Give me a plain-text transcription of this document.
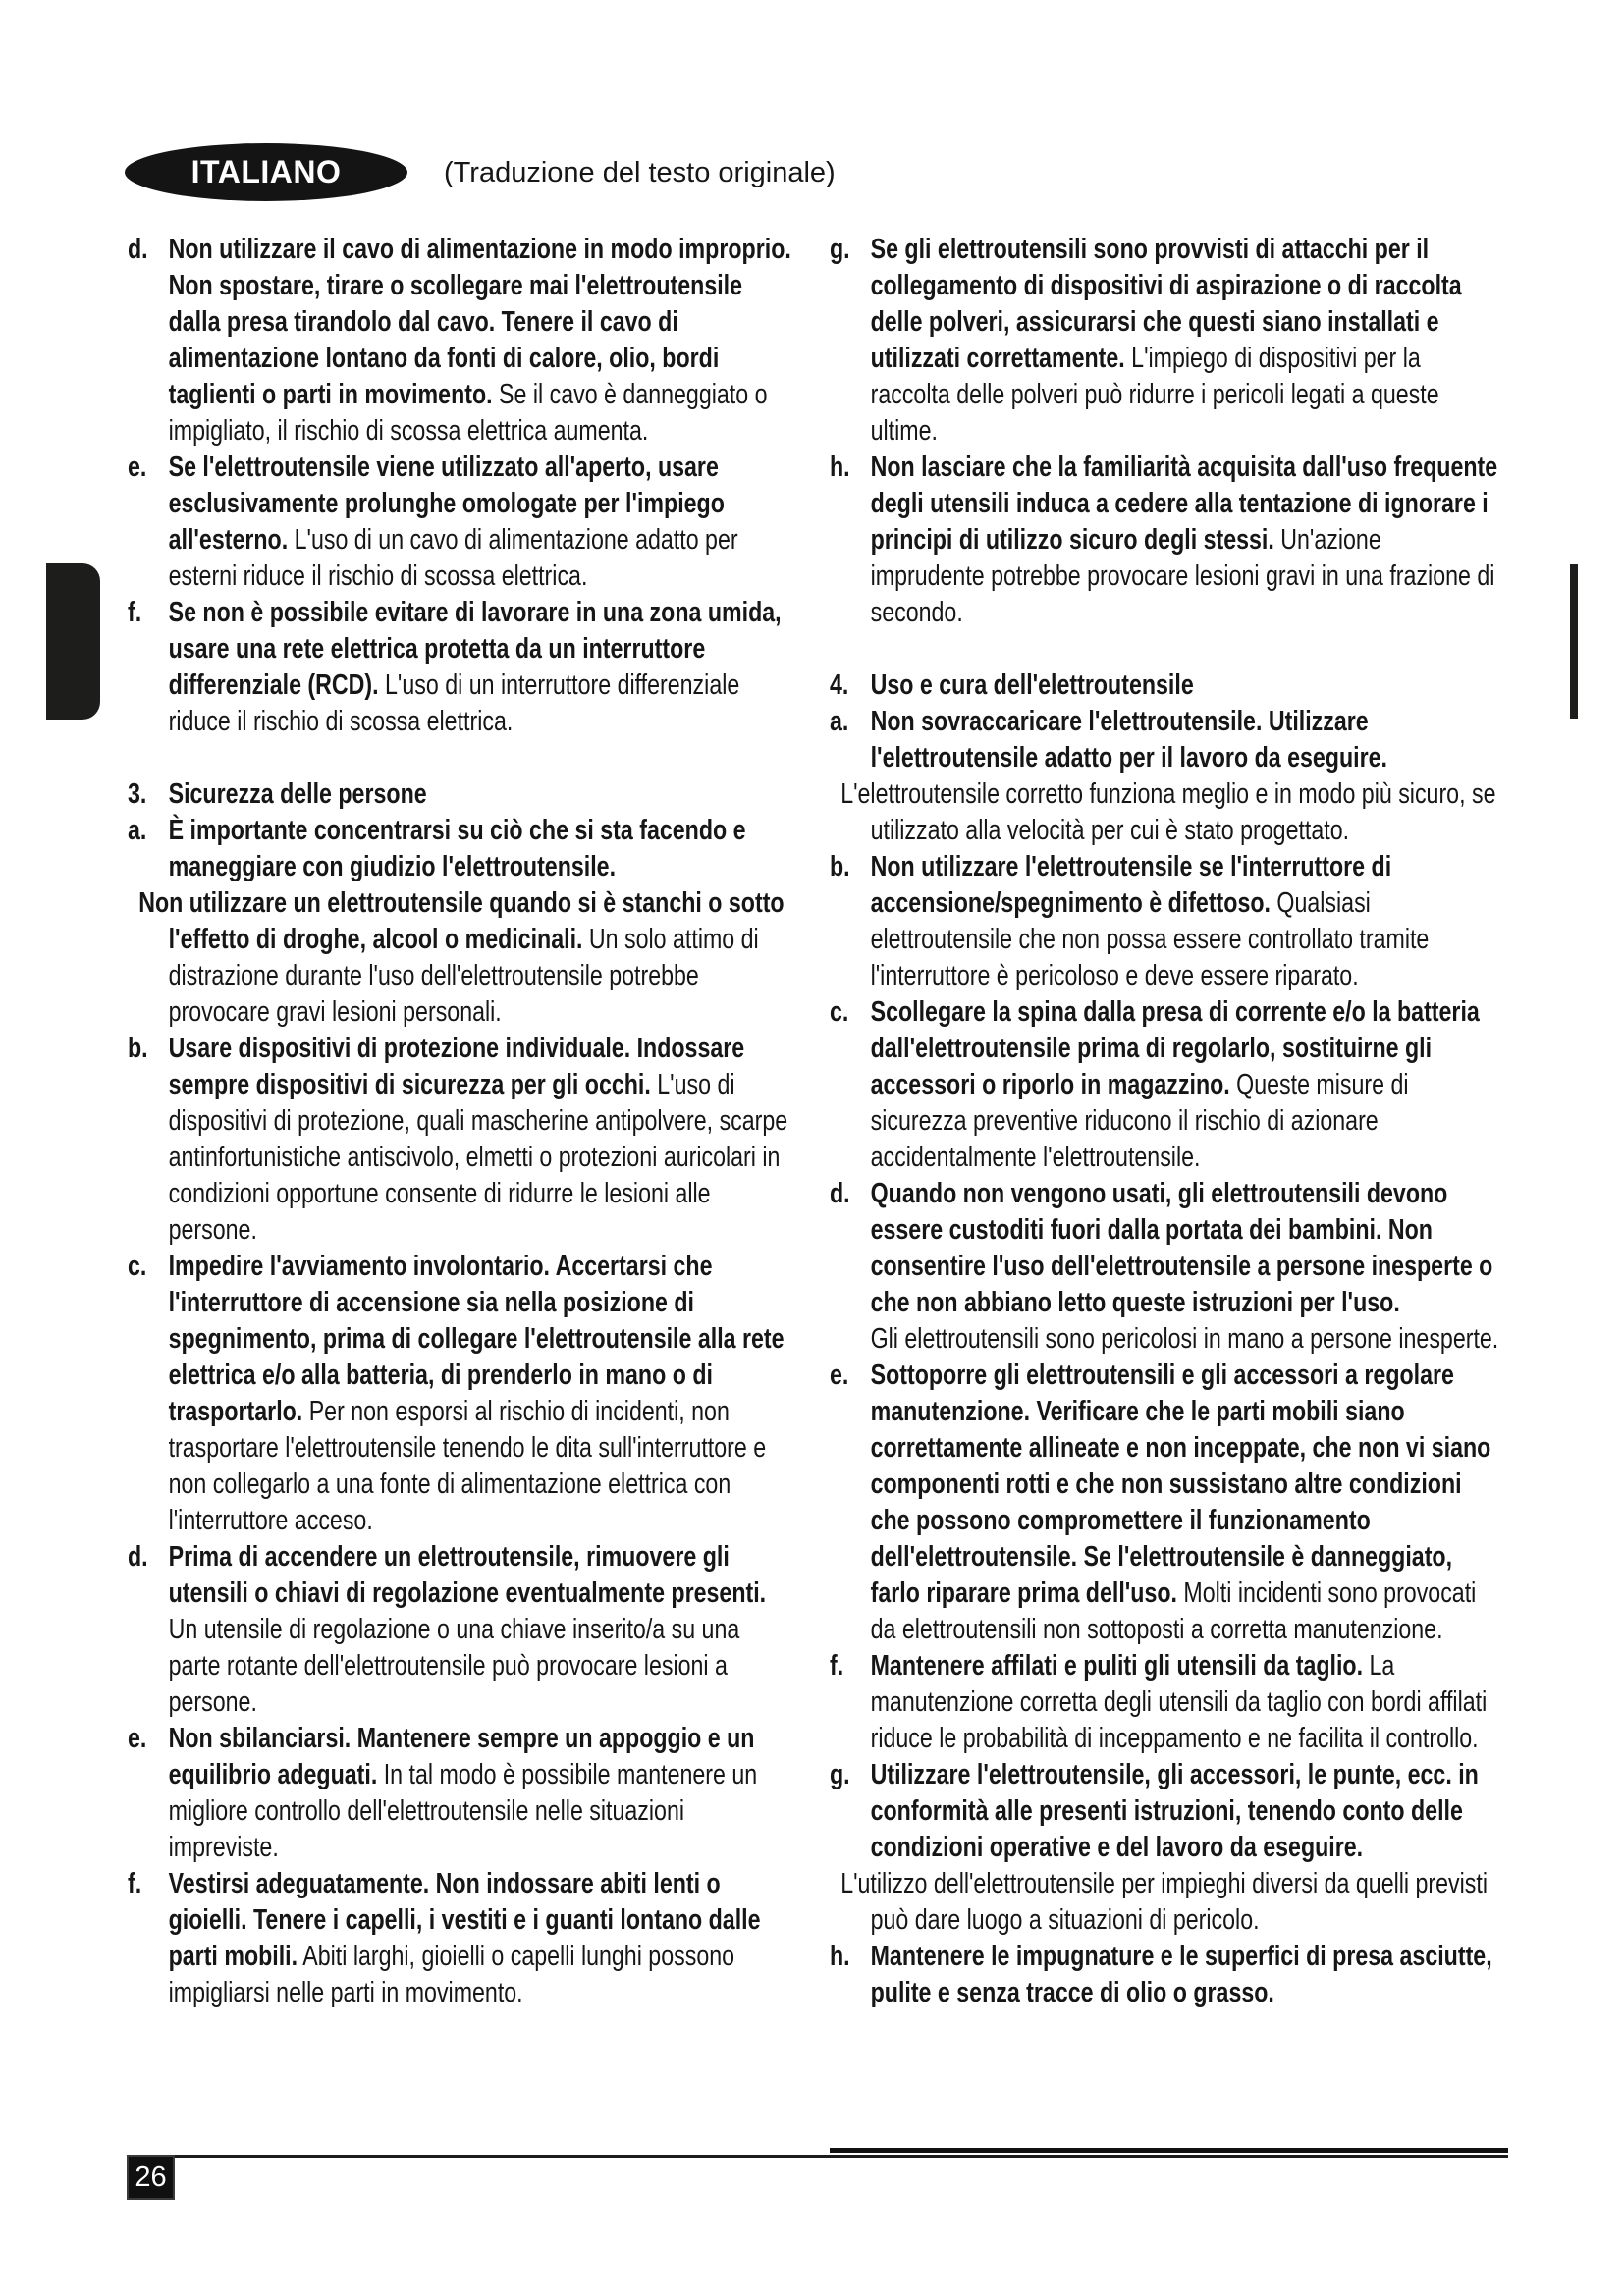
ITALIANO	(Traduzione del testo originale)
d. Non utilizzare il cavo di alimentazione in modo improprio. Non spostare, tirare o scollegare mai l'elettroutensile dalla presa tirandolo dal cavo. Tenere il cavo di alimentazione lontano da fonti di calore, olio, bordi taglienti o parti in movimento. Se il cavo è danneggiato o impigliato, il rischio di scossa elettrica aumenta.
e. Se l'elettroutensile viene utilizzato all'aperto, usare esclusivamente prolunghe omologate per l'impiego all'esterno. L'uso di un cavo di alimentazione adatto per esterni riduce il rischio di scossa elettrica.
f. Se non è possibile evitare di lavorare in una zona umida, usare una rete elettrica protetta da un interruttore differenziale (RCD). L'uso di un interruttore differenziale riduce il rischio di scossa elettrica.
3. Sicurezza delle persone
a. È importante concentrarsi su ciò che si sta facendo e maneggiare con giudizio l'elettroutensile.
Non utilizzare un elettroutensile quando si è stanchi o sotto l'effetto di droghe, alcool o medicinali. Un solo attimo di distrazione durante l'uso dell'elettroutensile potrebbe provocare gravi lesioni personali.
b. Usare dispositivi di protezione individuale. Indossare sempre dispositivi di sicurezza per gli occhi. L'uso di dispositivi di protezione, quali mascherine antipolvere, scarpe antinfortunistiche antiscivolo, elmetti o protezioni auricolari in condizioni opportune consente di ridurre le lesioni alle persone.
c. Impedire l'avviamento involontario. Accertarsi che l'interruttore di accensione sia nella posizione di spegnimento, prima di collegare l'elettroutensile alla rete elettrica e/o alla batteria, di prenderlo in mano o di trasportarlo. Per non esporsi al rischio di incidenti, non trasportare l'elettroutensile tenendo le dita sull'interruttore e non collegarlo a una fonte di alimentazione elettrica con l'interruttore acceso.
d. Prima di accendere un elettroutensile, rimuovere gli utensili o chiavi di regolazione eventualmente presenti. Un utensile di regolazione o una chiave inserito/a su una parte rotante dell'elettroutensile può provocare lesioni a persone.
e. Non sbilanciarsi. Mantenere sempre un appoggio e un equilibrio adeguati. In tal modo è possibile mantenere un migliore controllo dell'elettroutensile nelle situazioni impreviste.
f. Vestirsi adeguatamente. Non indossare abiti lenti o gioielli. Tenere i capelli, i vestiti e i guanti lontano dalle parti mobili. Abiti larghi, gioielli o capelli lunghi possono impigliarsi nelle parti in movimento.
g. Se gli elettroutensili sono provvisti di attacchi per il collegamento di dispositivi di aspirazione o di raccolta delle polveri, assicurarsi che questi siano installati e utilizzati correttamente. L'impiego di dispositivi per la raccolta delle polveri può ridurre i pericoli legati a queste ultime.
h. Non lasciare che la familiarità acquisita dall'uso frequente degli utensili induca a cedere alla tentazione di ignorare i principi di utilizzo sicuro degli stessi. Un'azione imprudente potrebbe provocare lesioni gravi in una frazione di secondo.
4. Uso e cura dell'elettroutensile
a. Non sovraccaricare l'elettroutensile. Utilizzare l'elettroutensile adatto per il lavoro da eseguire.
L'elettroutensile corretto funziona meglio e in modo più sicuro, se utilizzato alla velocità per cui è stato progettato.
b. Non utilizzare l'elettroutensile se l'interruttore di accensione/spegnimento è difettoso. Qualsiasi elettroutensile che non possa essere controllato tramite l'interruttore è pericoloso e deve essere riparato.
c. Scollegare la spina dalla presa di corrente e/o la batteria dall'elettroutensile prima di regolarlo, sostituirne gli accessori o riporlo in magazzino. Queste misure di sicurezza preventive riducono il rischio di azionare accidentalmente l'elettroutensile.
d. Quando non vengono usati, gli elettroutensili devono essere custoditi fuori dalla portata dei bambini. Non consentire l'uso dell'elettroutensile a persone inesperte o che non abbiano letto queste istruzioni per l'uso.
Gli elettroutensili sono pericolosi in mano a persone inesperte.
e. Sottoporre gli elettroutensili e gli accessori a regolare manutenzione. Verificare che le parti mobili siano correttamente allineate e non inceppate, che non vi siano componenti rotti e che non sussistano altre condizioni che possono compromettere il funzionamento dell'elettroutensile. Se l'elettroutensile è danneggiato, farlo riparare prima dell'uso. Molti incidenti sono provocati da elettroutensili non sottoposti a corretta manutenzione.
f. Mantenere affilati e puliti gli utensili da taglio. La manutenzione corretta degli utensili da taglio con bordi affilati riduce le probabilità di inceppamento e ne facilita il controllo.
g. Utilizzare l'elettroutensile, gli accessori, le punte, ecc. in conformità alle presenti istruzioni, tenendo conto delle condizioni operative e del lavoro da eseguire.
L'utilizzo dell'elettroutensile per impieghi diversi da quelli previsti può dare luogo a situazioni di pericolo.
h. Mantenere le impugnature e le superfici di presa asciutte, pulite e senza tracce di olio o grasso.
26
